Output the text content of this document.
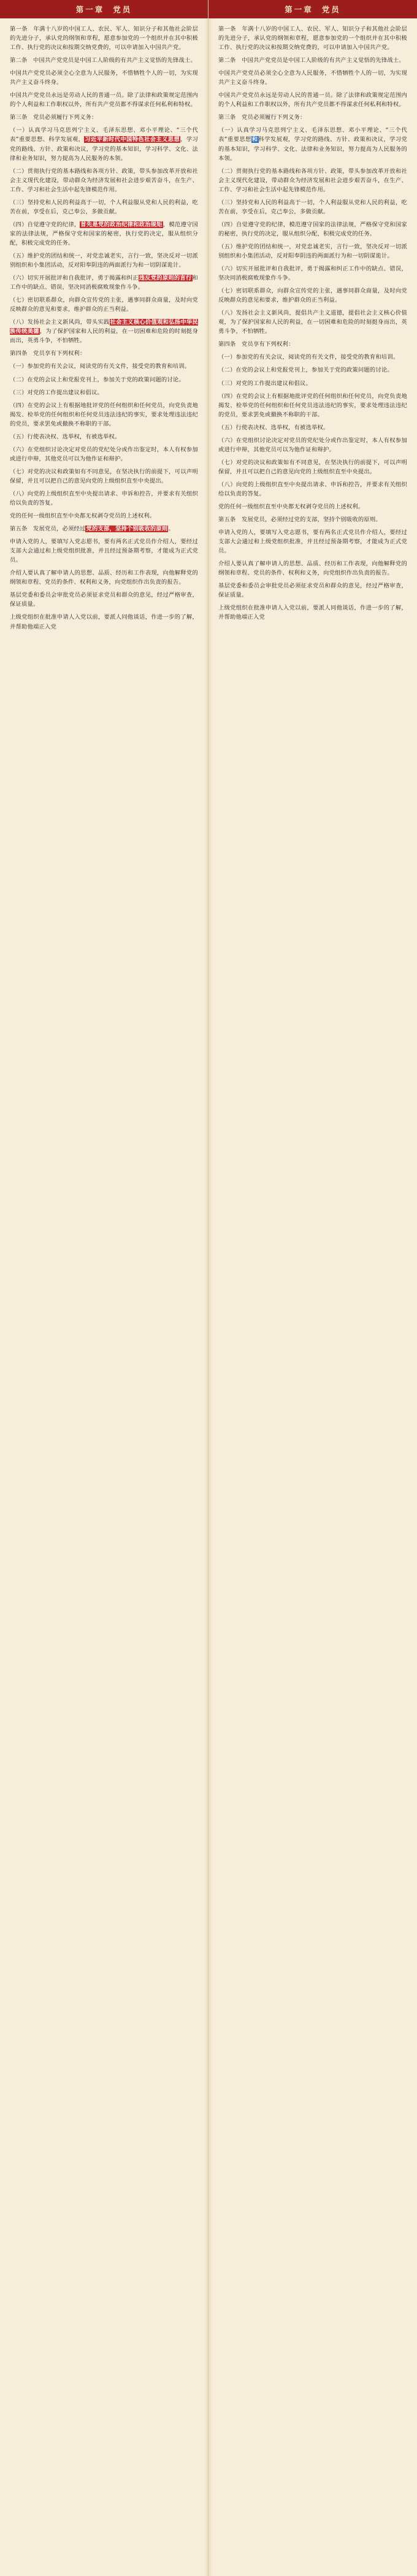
第一章 党员

第一条　年满十八岁的中国工人、农民、军人、知识分子和其他社会阶层的先进分子，承认党的纲领和章程，愿意参加党的一个组织并在其中积极工作、执行党的决议和按期交纳党费的，可以申请加入中国共产党。

第二条　中国共产党党员是中国工人阶级的有共产主义觉悟的先锋战士。

中国共产党党员必须全心全意为人民服务，不惜牺牲个人的一切，为实现共产主义奋斗终身。

中国共产党党员永远是劳动人民的普通一员。除了法律和政策规定范围内的个人利益和工作职权以外，所有共产党员都不得谋求任何私利和特权。

第三条　党员必须履行下列义务：

（一）认真学习马克思列宁主义、毛泽东思想、邓小平理论、“三个代表”重要思想、科学发展观，习近平新时代中国特色社会主义思想，学习党的路线、方针、政策和决议，学习党的基本知识，学习科学、文化、法律和业务知识，努力提高为人民服务的本领。

（二）贯彻执行党的基本路线和各项方针、政策，带头参加改革开放和社会主义现代化建设，带动群众为经济发展和社会进步艰苦奋斗，在生产、工作、学习和社会生活中起先锋模范作用。

（三）坚持党和人民的利益高于一切，个人利益服从党和人民的利益，吃苦在前，享受在后，克己奉公，多做贡献。

（四）自觉遵守党的纪律，首先是党的政治纪律和政治规矩，模范遵守国家的法律法规，严格保守党和国家的秘密，执行党的决定，服从组织分配，积极完成党的任务。

（五）维护党的团结和统一，对党忠诚老实，言行一致，坚决反对一切派别组织和小集团活动，反对阳奉阴违的两面派行为和一切阴谋诡计。

（六）切实开展批评和自我批评，勇于揭露和纠正违反党的原则的言行和工作中的缺点、错误，坚决同消极腐败现象作斗争。

（七）密切联系群众，向群众宣传党的主张，遇事同群众商量，及时向党反映群众的意见和要求，维护群众的正当利益。

（八）发扬社会主义新风尚，带头实践社会主义核心价值观和弘扬中华民族传统美德，为了保护国家和人民的利益，在一切困难和危险的时刻挺身而出，英勇斗争，不怕牺牲。

第四条　党员享有下列权利：

（一）参加党的有关会议，阅读党的有关文件，接受党的教育和培训。

（二）在党的会议上和党报党刊上，参加关于党的政策问题的讨论。

（三）对党的工作提出建议和倡议。

（四）在党的会议上有根据地批评党的任何组织和任何党员，向党负责地揭发、检举党的任何组织和任何党员违法违纪的事实，要求处理违法违纪的党员，要求罢免或撤换不称职的干部。

（五）行使表决权、选举权，有被选举权。

（六）在党组织讨论决定对党员的党纪处分或作出鉴定时，本人有权参加或进行申辩，其他党员可以为他作证和辩护。

（七）对党的决议和政策如有不同意见，在坚决执行的前提下，可以声明保留，并且可以把自己的意见向党的上级组织直至中央提出。

（八）向党的上级组织直至中央提出请求、申诉和控告，并要求有关组织给以负责的答复。

党的任何一级组织直至中央都无权剥夺党员的上述权利。

第五条　发展党员，必须经过党的支部，坚持个别吸收的原则。

申请入党的人，要填写入党志愿书，要有两名正式党员作介绍人，要经过支部大会通过和上级党组织批准，并且经过预备期考察，才能成为正式党员。

介绍人要认真了解申请人的思想、品质、经历和工作表现，向他解释党的纲领和章程、党员的条件、权利和义务，向党组织作出负责的报告。

基层党委和委员会审批党员必须征求党员和群众的意见，经过严格审查，保证质量。

上级党组织在批准申请人入党以前，要派人同他谈话，作进一步的了解，并帮助他端正入党

第一章 党员

第一条　年满十八岁的中国工人、农民、军人、知识分子和其他社会阶层的先进分子，承认党的纲领和章程，愿意参加党的一个组织并在其中积极工作、执行党的决议和按期交纳党费的，可以申请加入中国共产党。

第二条　中国共产党党员是中国工人阶级的有共产主义觉悟的先锋战士。

中国共产党党员必须全心全意为人民服务，不惜牺牲个人的一切，为实现共产主义奋斗终身。

中国共产党党员永远是劳动人民的普通一员。除了法律和政策规定范围内的个人利益和工作职权以外，所有共产党员都不得谋求任何私利和特权。

第三条　党员必须履行下列义务：

（一）认真学习马克思列宁主义、毛泽东思想、邓小平理论、“三个代表”重要思想和科学发展观，学习党的路线、方针、政策和决议，学习党的基本知识，学习科学、文化、法律和业务知识，努力提高为人民服务的本领。

（二）贯彻执行党的基本路线和各项方针、政策，带头参加改革开放和社会主义现代化建设，带动群众为经济发展和社会进步艰苦奋斗，在生产、工作、学习和社会生活中起先锋模范作用。

（三）坚持党和人民的利益高于一切，个人利益服从党和人民的利益，吃苦在前，享受在后，克己奉公，多做贡献。

（四）自觉遵守党的纪律，模范遵守国家的法律法规，严格保守党和国家的秘密，执行党的决定，服从组织分配，积极完成党的任务。

（五）维护党的团结和统一，对党忠诚老实，言行一致，坚决反对一切派别组织和小集团活动，反对阳奉阴违的两面派行为和一切阴谋诡计。

（六）切实开展批评和自我批评，勇于揭露和纠正工作中的缺点、错误，坚决同消极腐败现象作斗争。

（七）密切联系群众，向群众宣传党的主张，遇事同群众商量，及时向党反映群众的意见和要求，维护群众的正当利益。

（八）发扬社会主义新风尚，提倡共产主义道德，提倡社会主义核心价值观，为了保护国家和人民的利益，在一切困难和危险的时刻挺身而出，英勇斗争，不怕牺牲。

第四条　党员享有下列权利：

（一）参加党的有关会议，阅读党的有关文件，接受党的教育和培训。

（二）在党的会议上和党报党刊上，参加关于党的政策问题的讨论。

（三）对党的工作提出建议和倡议。

（四）在党的会议上有根据地批评党的任何组织和任何党员，向党负责地揭发、检举党的任何组织和任何党员违法违纪的事实，要求处理违法违纪的党员，要求罢免或撤换不称职的干部。

（五）行使表决权、选举权，有被选举权。

（六）在党组织讨论决定对党员的党纪处分或作出鉴定时，本人有权参加或进行申辩，其他党员可以为他作证和辩护。

（七）对党的决议和政策如有不同意见，在坚决执行的前提下，可以声明保留，并且可以把自己的意见向党的上级组织直至中央提出。

（八）向党的上级组织直至中央提出请求、申诉和控告，并要求有关组织给以负责的答复。

党的任何一级组织直至中央都无权剥夺党员的上述权利。

第五条　发展党员，必须经过党的支部，坚持个别吸收的原则。

申请入党的人，要填写入党志愿书，要有两名正式党员作介绍人，要经过支部大会通过和上级党组织批准，并且经过预备期考察，才能成为正式党员。

介绍人要认真了解申请人的思想、品质、经历和工作表现，向他解释党的纲领和章程、党员的条件、权利和义务，向党组织作出负责的报告。

基层党委和委员会审批党员必须征求党员和群众的意见，经过严格审查，保证质量。

上级党组织在批准申请人入党以前，要派人同他谈话，作进一步的了解，并帮助他端正入党
